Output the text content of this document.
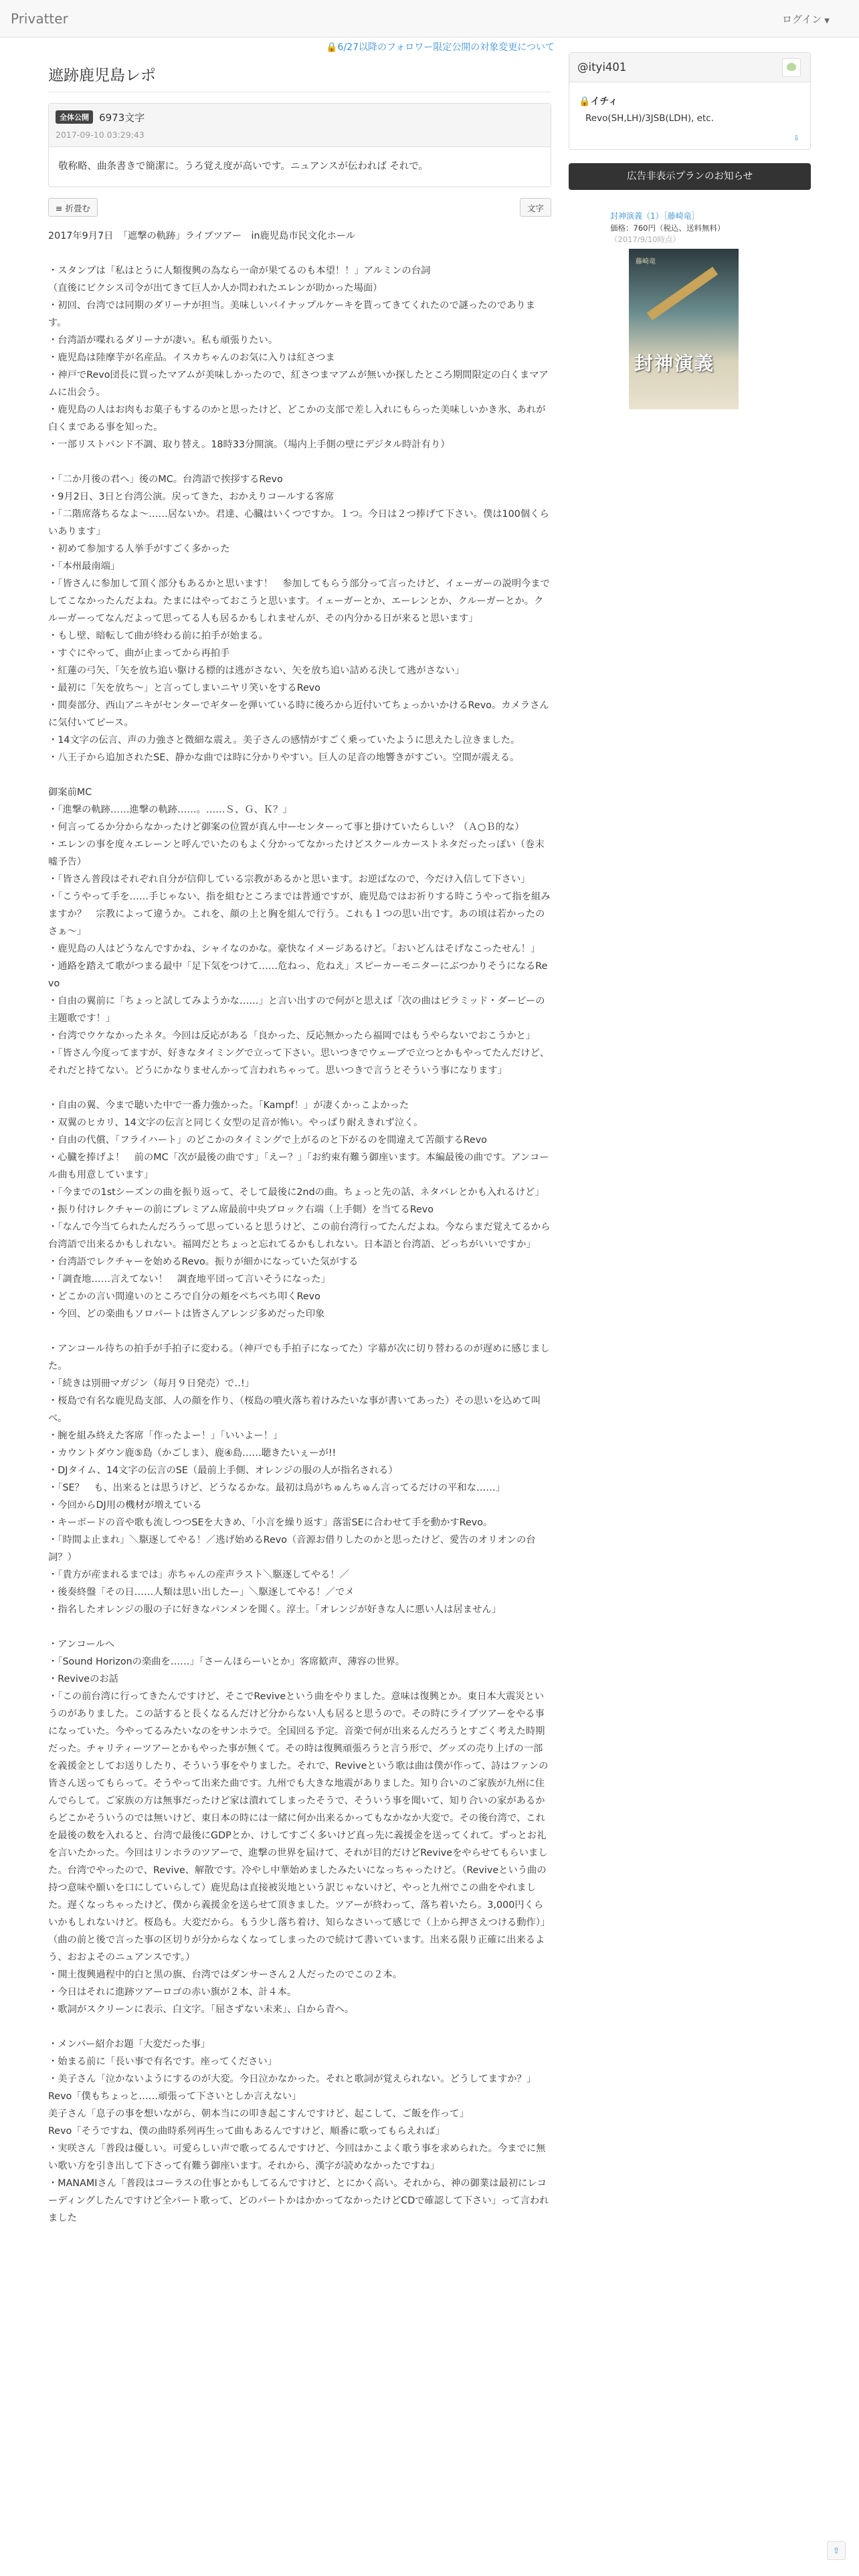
Privatter	ログイン ▼
🔒6/27以降のフォロワー限定公開の対象変更について
遮跡鹿児島レポ
全体公開 6973文字
2017-09-10 03:29:43
敬称略、曲条書きで簡潔に。うろ覚え度が高いです。ニュアンスが伝われば それで。
≡ 折畳む	文字
2017年9月7日　「遮撃の軌跡」ライブツアー　in鹿児島市民文化ホール

・スタンプは「私はとうに人類復興の為なら一命が果てるのも本望！！」アルミンの台詞
（直後にビクシス司令が出てきて巨人か人か問われたエレンが助かった場面）
・初回、台湾では同期のダリーナが担当。美味しいパイナップルケーキを貰ってきてくれたので謎ったのであります。
・台湾語が喋れるダリーナが凄い。私も頑張りたい。
・鹿児島は陸摩芋が名産品。イスカちゃんのお気に入りは紅さつま
・神戸でRevo団長に買ったマアムが美味しかったので、紅さつまマアムが無いか探したところ期間限定の白くまマアムに出会う。
・鹿児島の人はお肉もお菓子もするのかと思ったけど、どこかの支部で差し入れにもらった美味しいかき氷、あれが白くまである事を知った。
・一部リストバンド不調、取り替え。18時33分開演。（場内上手側の壁にデジタル時計有り）

・「二か月後の君へ」後のMC。台湾語で挨拶するRevo
・9月2日、3日と台湾公演。戻ってきた、おかえりコールする客席
・「二階席落ちるなよ～‥‥‥居ないか。君達、心臓はいくつですか。１つ。今日は２つ捧げて下さい。僕は100個くらいあります」
・初めて参加する人挙手がすごく多かった
・「本州最南端」
・「皆さんに参加して頂く部分もあるかと思います！　参加してもらう部分って言ったけど、イェーガーの説明今までしてこなかったんだよね。たまにはやっておこうと思います。イェーガーとか、エーレンとか、クルーガーとか。クルーガーってなんだよって思ってる人も居るかもしれませんが、その内分かる日が来ると思います」
・もし壁、暗転して曲が終わる前に拍手が始まる。
・すぐにやって、曲が止まってから再拍手
・紅蓮の弓矢、「矢を放ち追い駆ける標的は逃がさない、矢を放ち追い詰める決して逃がさない」
・最初に「矢を放ち～」と言ってしまいニヤリ笑いをするRevo
・間奏部分、西山アニキがセンターでギターを弾いている時に後ろから近付いてちょっかいかけるRevo。カメラさんに気付いてピース。
・14文字の伝言、声の力強さと微細な震え。美子さんの感情がすごく乗っていたように思えたし泣きました。
・八王子から追加されたSE、静かな曲では時に分かりやすい。巨人の足音の地響きがすごい。空間が震える。

御案前MC
・「進撃の軌跡‥‥‥進撃の軌跡‥‥‥。‥‥‥Ｓ、Ｇ、Ｋ？」
・何言ってるか分からなかったけど御案の位置が真ん中ーセンターって事と掛けていたらしい？（Ａ○Ｂ的な）
・エレンの事を度々エレーンと呼んでいたのもよく分かってなかったけどスクールカーストネタだったっぽい（巻末嘘予告）
・「皆さん普段はそれぞれ自分が信仰している宗教があるかと思います。お逆ばなので、今だけ入信して下さい」
・「こうやって手を‥‥‥手じゃない、指を組むところまでは普通ですが、鹿児島ではお祈りする時こうやって指を組みますか？　宗教によって違うか。これを、顔の上と胸を組んで行う。これも１つの思い出です。あの頃は若かったのさぁ～」
・鹿児島の人はどうなんですかね、シャイなのかな。豪快なイメージあるけど。「おいどんはそげなこったせん！」
・通路を踏えて歌がつまる最中「足下気をつけて‥‥‥危ねっ、危ねえ」スピーカーモニターにぶつかりそうになるRevo
・自由の翼前に「ちょっと試してみようかな‥‥‥」と言い出すので何がと思えば「次の曲はピラミッド・ダービーの主題歌です！」
・台湾でウケなかったネタ。今回は反応がある「良かった、反応無かったら福岡ではもうやらないでおこうかと」
・「皆さん今度ってますが、好きなタイミングで立って下さい。思いつきでウェーブで立つとかもやってたんだけど、それだと持てない。どうにかなりませんかって言われちゃって。思いつきで言うとそういう事になります」

・自由の翼、今まで聴いた中で一番力強かった。「Kampf！」が凄くかっこよかった
・双翼のヒカリ、14文字の伝言と同じく女型の足音が怖い。やっぱり耐えきれず泣く。
・自由の代償、「フライハート」のどこかのタイミングで上がるのと下がるのを間違えて苦顔するRevo
・心臓を捧げよ！　前のMC「次が最後の曲です」「えー？」「お約束有難う御座います。本編最後の曲です。アンコール曲も用意しています」
・「今までの1stシーズンの曲を振り返って、そして最後に2ndの曲。ちょっと先の話、ネタバレとかも入れるけど」
・振り付けレクチャーの前にプレミアム席最前中央ブロック右端（上手側）を当てるRevo
・「なんで今当てられたんだろうって思っていると思うけど、この前台湾行ってたんだよね。今ならまだ覚えてるから台湾語で出来るかもしれない。福岡だとちょっと忘れてるかもしれない。日本語と台湾語、どっちがいいですか」
・台湾語でレクチャーを始めるRevo。振りが細かになっていた気がする
・「調査地‥‥‥言えてない！　調査地平団って言いそうになった」
・どこかの言い間違いのところで自分の頬をぺちぺち叩くRevo
・今回、どの楽曲もソロパートは皆さんアレンジ多めだった印象

・アンコール待ちの拍手が手拍子に変わる。（神戸でも手拍子になってた）字幕が次に切り替わるのが遅めに感じました。
・「続きは別冊マガジン（毎月９日発売）で‥!」
・桜島で有名な鹿児島支部、人の顔を作り、（桜島の噴火落ち着けみたいな事が書いてあった）その思いを込めて叫べ。
・腕を組み終えた客席「作ったよー！」「いいよー！」
・カウントダウン鹿⑤島（かごしま）、鹿④島‥‥‥聴きたいぇーが!!
・DJタイム、14文字の伝言のSE（最前上手側、オレンジの服の人が指名される）
・「SE？　も、出来るとは思うけど、どうなるかな。最初は鳥がちゅんちゅん言ってるだけの平和な‥‥‥」
・今回からDJ用の機材が増えている
・キーボードの音や歌も流しつつSEを大きめ、「小言を繰り返す」落雷SEに合わせて手を動かすRevo。
・「時間よ止まれ」＼駆逐してやる！／逃げ始めるRevo（音源お借りしたのかと思ったけど、愛告のオリオンの台詞？）
・「貴方が産まれるまでは」赤ちゃんの産声ラスト＼駆逐してやる！／
・後奏終盤「その日‥‥‥人類は思い出したー」＼駆逐してやる！／でメ
・指名したオレンジの服の子に好きなパンメンを聞く。淳士。「オレンジが好きな人に悪い人は居ません」

・アンコールへ
・「Sound Horizonの楽曲を‥‥‥」「さーんほらーいとか」客席歓声、薄容の世界。
・Reviveのお話
・「この前台湾に行ってきたんですけど、そこでReviveという曲をやりました。意味は復興とか。東日本大震災というのがありました。この話すると長くなるんだけど分からない人も居ると思うので。その時にライブツアーをやる事になっていた。今やってるみたいなのをサンホラで。全国回る予定。音楽で何が出来るんだろうとすごく考えた時期だった。チャリティーツアーとかもやった事が無くて。その時は復興頑張ろうと言う形で、グッズの売り上げの一部を義援金としてお送りしたり、そういう事をやりました。それで、Reviveという歌は曲は僕が作って、詩はファンの皆さん送ってもらって。そうやって出来た曲です。九州でも大きな地震がありました。知り合いのご家族が九州に住んでらして。ご家族の方は無事だったけど家は潰れてしまったそうで、そういう事を聞いて、知り合いの家があるからどこかそういうのでは無いけど、東日本の時には一緒に何か出来るかってもなかなか大変で。その後台湾で、これを最後の数を入れると、台湾で最後にGDPとか、けしてすごく多いけど真っ先に義援金を送ってくれて。ずっとお礼を言いたかった。今回はリンホラのツアーで、進撃の世界を届けて、それが目的だけどReviveをやらせてもらいました。台湾でやったので、Revive、解散です。冷やし中華始めましたみたいになっちゃったけど。（Reviveという曲の持つ意味や願いを口にしていらして）鹿児島は直接被災地という訳じゃないけど、やっと九州でこの曲をやれました。遅くなっちゃったけど、僕から義援金を送らせて頂きました。ツアーが終わって、落ち着いたら。3,000円くらいかもしれないけど。桜島も。大変だから。もう少し落ち着け、知らなさいって感じで（上から押さえつける動作）」
（曲の前と後で言った事の区切りが分からなくなってしまったので続けて書いています。出来る限り正確に出来るよう、おおよそのニュアンスです。）
・開土復興過程中的白と黒の旗、台湾ではダンサーさん２人だったのでこの２本。
・今日はそれに進跡ツアーロゴの赤い旗が２本、計４本。
・歌詞がスクリーンに表示、白文字。「屈さずない未来」、白から青へ。

・メンバー紹介お題「大変だった事」
・始まる前に「長い事で有名です。座ってください」
・美子さん「泣かないようにするのが大変。今日泣かなかった。それと歌詞が覚えられない。どうしてますか？」
Revo「僕もちょっと‥‥‥頑張って下さいとしか言えない」
美子さん「息子の事を想いながら、朝本当にの叩き起こすんですけど、起こして、ご飯を作って」
Revo「そうですね、僕の曲時系列再生って曲もあるんですけど、順番に歌ってもらえれば」
・実咲さん「普段は優しい。可愛らしい声で歌ってるんですけど、今回はかこよく歌う事を求められた。今までに無い歌い方を引き出して下さって有難う御座います。それから、漢字が読めなかったですね」
・MANAMIさん「普段はコーラスの仕事とかもしてるんですけど、とにかく高い。それから、神の御業は最初にレコーディングしたんですけど全パート歌って、どのパートかはかかってなかったけどCDで確認して下さい」って言われました
@ityi401
🔒イチィ
Revo(SH,LH)/3JSB(LDH), etc.
⇩
広告非表示プランのお知らせ
封神演義（1）［藤崎竜］
価格：760円（税込、送料無料）
（2017/9/10時点）
藤崎竜
封神演義
⇧
